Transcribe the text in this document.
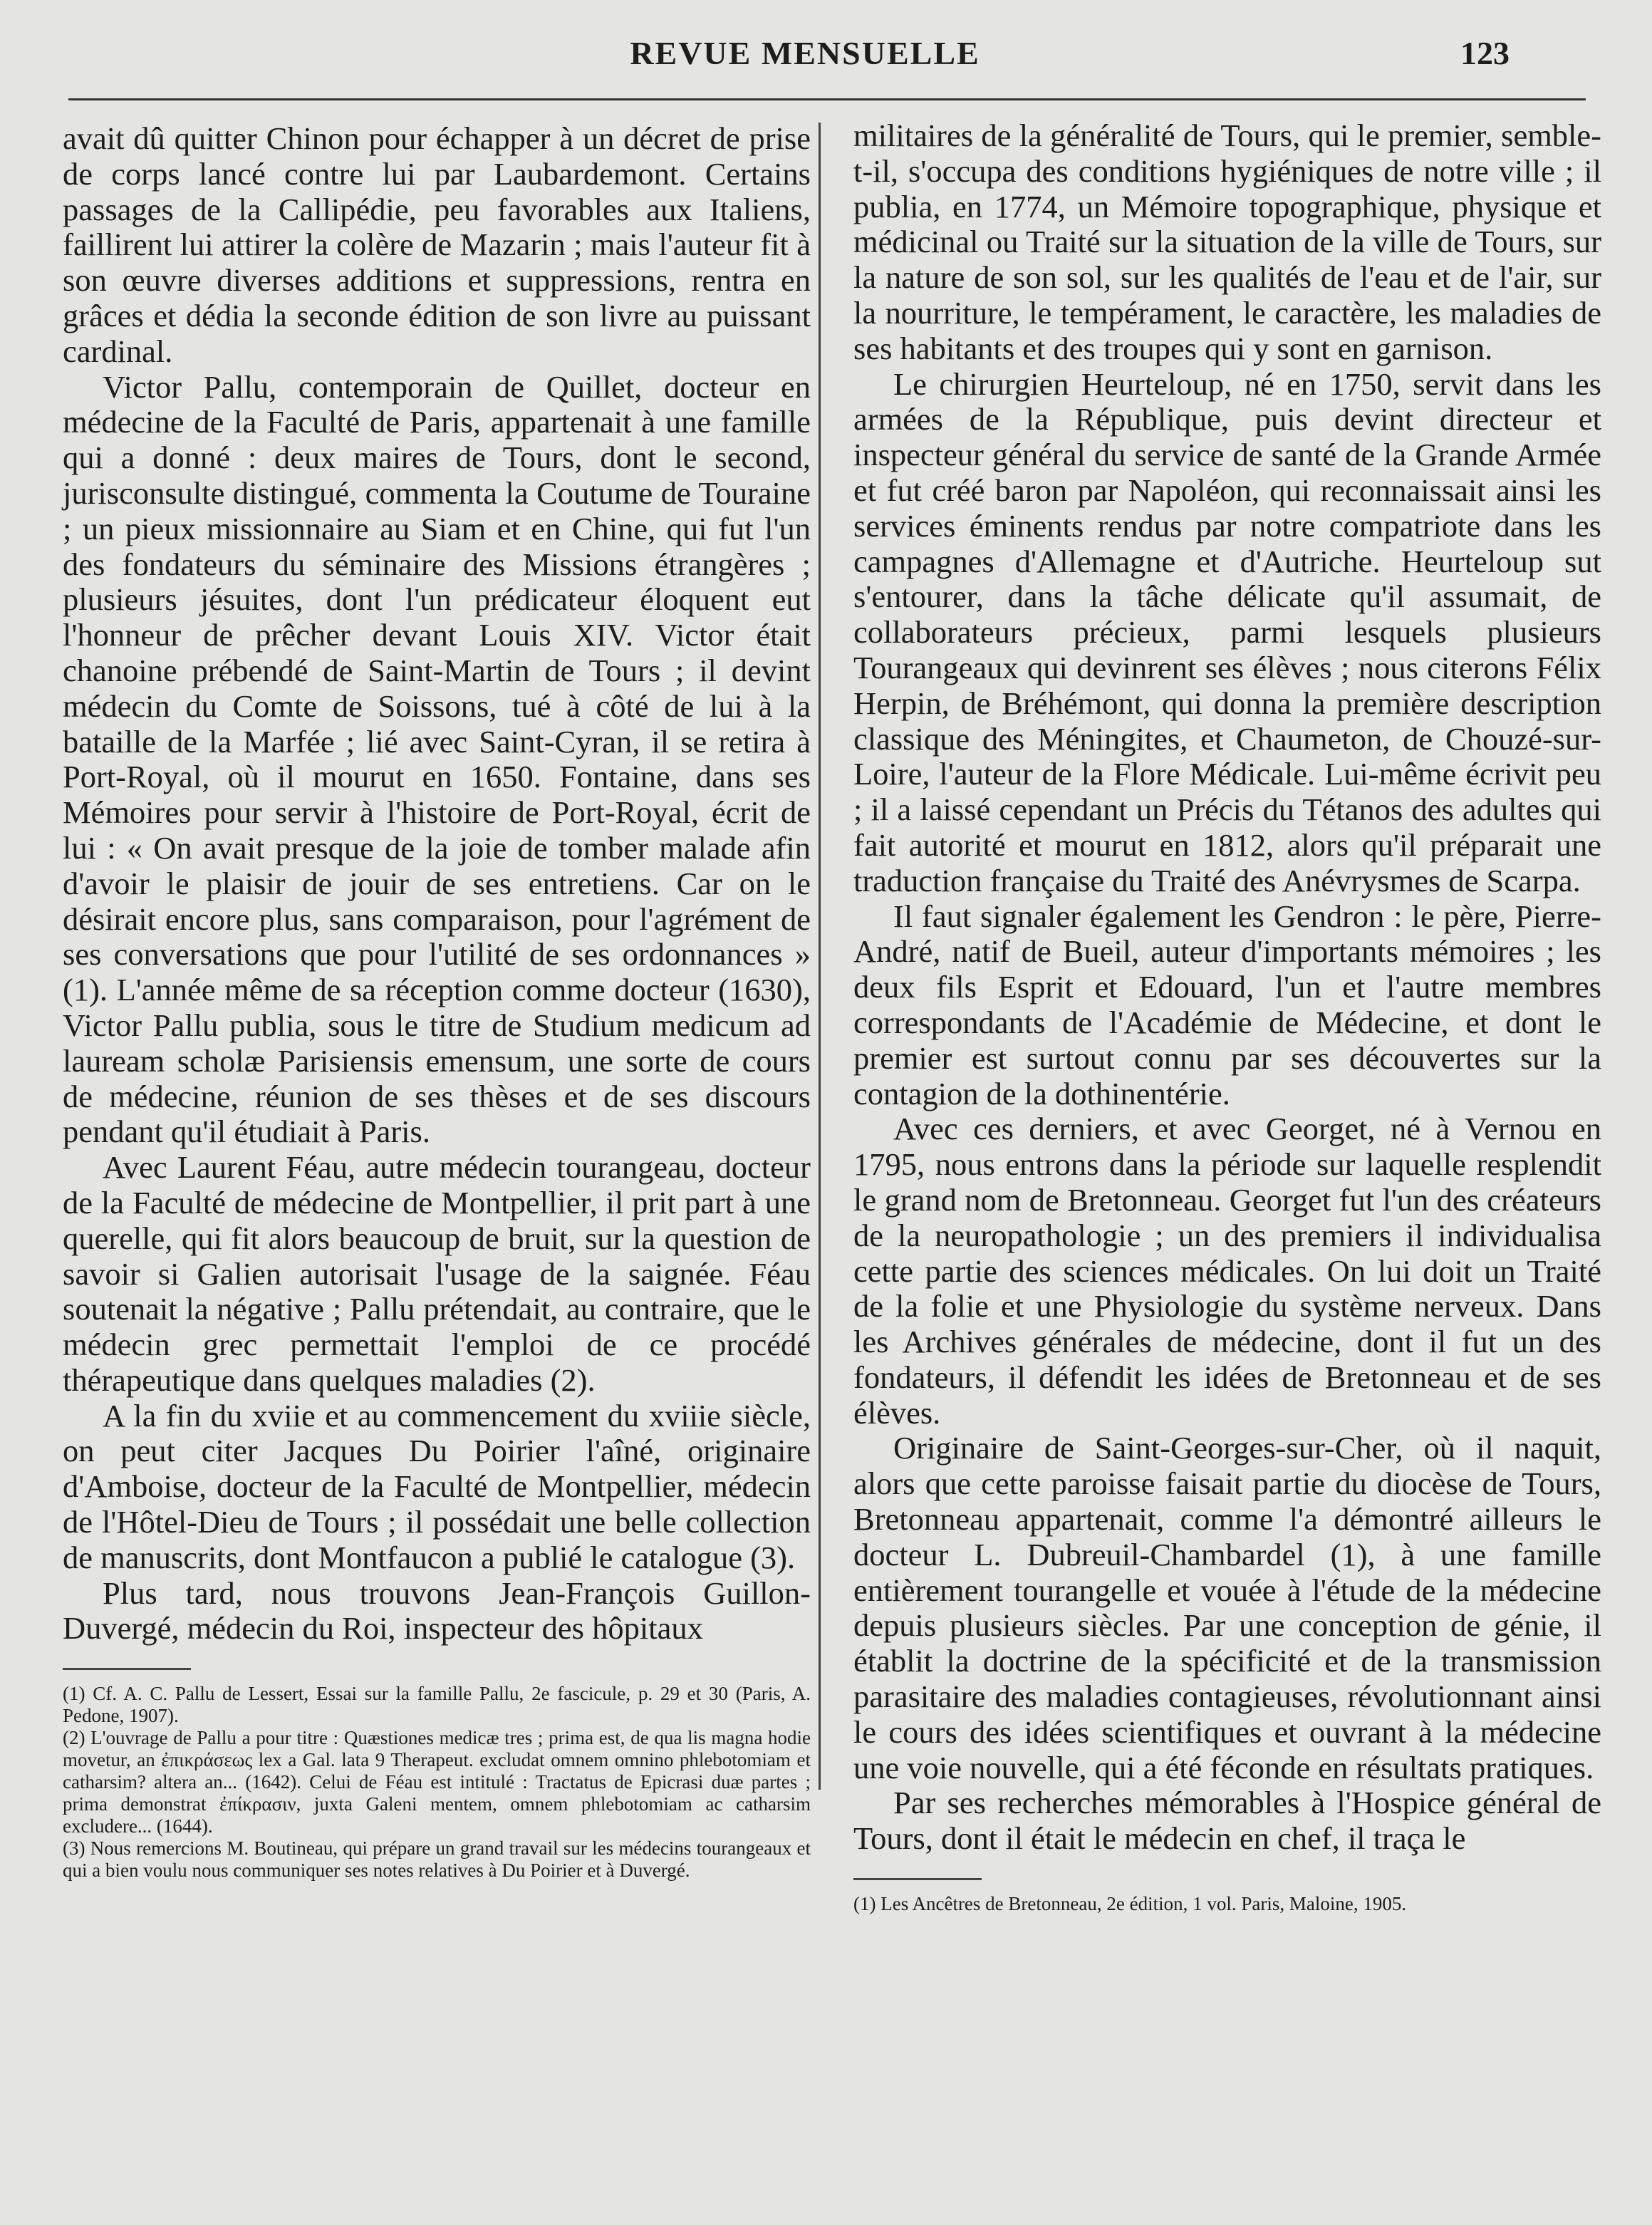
REVUE MENSUELLE	123

avait dû quitter Chinon pour échapper à un décret de prise de corps lancé contre lui par Laubardemont. Certains passages de la Callipédie, peu favorables aux Italiens, faillirent lui attirer la colère de Mazarin ; mais l'auteur fit à son œuvre diverses additions et suppressions, rentra en grâces et dédia la seconde édition de son livre au puissant cardinal.

Victor Pallu, contemporain de Quillet, docteur en médecine de la Faculté de Paris, appartenait à une famille qui a donné : deux maires de Tours, dont le second, jurisconsulte distingué, commenta la Coutume de Touraine ; un pieux missionnaire au Siam et en Chine, qui fut l'un des fondateurs du séminaire des Missions étrangères ; plusieurs jésuites, dont l'un prédicateur éloquent eut l'honneur de prêcher devant Louis XIV. Victor était chanoine prébendé de Saint-Martin de Tours ; il devint médecin du Comte de Soissons, tué à côté de lui à la bataille de la Marfée ; lié avec Saint-Cyran, il se retira à Port-Royal, où il mourut en 1650. Fontaine, dans ses Mémoires pour servir à l'histoire de Port-Royal, écrit de lui : « On avait presque de la joie de tomber malade afin d'avoir le plaisir de jouir de ses entretiens. Car on le désirait encore plus, sans comparaison, pour l'agrément de ses conversations que pour l'utilité de ses ordonnances » (1). L'année même de sa réception comme docteur (1630), Victor Pallu publia, sous le titre de Studium medicum ad lauream scholæ Parisiensis emensum, une sorte de cours de médecine, réunion de ses thèses et de ses discours pendant qu'il étudiait à Paris.

Avec Laurent Féau, autre médecin tourangeau, docteur de la Faculté de médecine de Montpellier, il prit part à une querelle, qui fit alors beaucoup de bruit, sur la question de savoir si Galien autorisait l'usage de la saignée. Féau soutenait la négative ; Pallu prétendait, au contraire, que le médecin grec permettait l'emploi de ce procédé thérapeutique dans quelques maladies (2).

A la fin du xviie et au commencement du xviiie siècle, on peut citer Jacques Du Poirier l'aîné, originaire d'Amboise, docteur de la Faculté de Montpellier, médecin de l'Hôtel-Dieu de Tours ; il possédait une belle collection de manuscrits, dont Montfaucon a publié le catalogue (3).

Plus tard, nous trouvons Jean-François Guillon-Duvergé, médecin du Roi, inspecteur des hôpitaux

(1) Cf. A. C. Pallu de Lessert, Essai sur la famille Pallu, 2e fascicule, p. 29 et 30 (Paris, A. Pedone, 1907).

(2) L'ouvrage de Pallu a pour titre : Quæstiones medicæ tres ; prima est, de qua lis magna hodie movetur, an ἐπικράσεως lex a Gal. lata 9 Therapeut. excludat omnem omnino phlebotomiam et catharsim? altera an... (1642). Celui de Féau est intitulé : Tractatus de Epicrasi duæ partes ; prima demonstrat ἐπίκρασιν, juxta Galeni mentem, omnem phlebotomiam ac catharsim excludere... (1644).

(3) Nous remercions M. Boutineau, qui prépare un grand travail sur les médecins tourangeaux et qui a bien voulu nous communiquer ses notes relatives à Du Poirier et à Duvergé.

militaires de la généralité de Tours, qui le premier, semble-t-il, s'occupa des conditions hygiéniques de notre ville ; il publia, en 1774, un Mémoire topographique, physique et médicinal ou Traité sur la situation de la ville de Tours, sur la nature de son sol, sur les qualités de l'eau et de l'air, sur la nourriture, le tempérament, le caractère, les maladies de ses habitants et des troupes qui y sont en garnison.

Le chirurgien Heurteloup, né en 1750, servit dans les armées de la République, puis devint directeur et inspecteur général du service de santé de la Grande Armée et fut créé baron par Napoléon, qui reconnaissait ainsi les services éminents rendus par notre compatriote dans les campagnes d'Allemagne et d'Autriche. Heurteloup sut s'entourer, dans la tâche délicate qu'il assumait, de collaborateurs précieux, parmi lesquels plusieurs Tourangeaux qui devinrent ses élèves ; nous citerons Félix Herpin, de Bréhémont, qui donna la première description classique des Méningites, et Chaumeton, de Chouzé-sur-Loire, l'auteur de la Flore Médicale. Lui-même écrivit peu ; il a laissé cependant un Précis du Tétanos des adultes qui fait autorité et mourut en 1812, alors qu'il préparait une traduction française du Traité des Anévrysmes de Scarpa.

Il faut signaler également les Gendron : le père, Pierre-André, natif de Bueil, auteur d'importants mémoires ; les deux fils Esprit et Edouard, l'un et l'autre membres correspondants de l'Académie de Médecine, et dont le premier est surtout connu par ses découvertes sur la contagion de la dothinentérie.

Avec ces derniers, et avec Georget, né à Vernou en 1795, nous entrons dans la période sur laquelle resplendit le grand nom de Bretonneau. Georget fut l'un des créateurs de la neuropathologie ; un des premiers il individualisa cette partie des sciences médicales. On lui doit un Traité de la folie et une Physiologie du système nerveux. Dans les Archives générales de médecine, dont il fut un des fondateurs, il défendit les idées de Bretonneau et de ses élèves.

Originaire de Saint-Georges-sur-Cher, où il naquit, alors que cette paroisse faisait partie du diocèse de Tours, Bretonneau appartenait, comme l'a démontré ailleurs le docteur L. Dubreuil-Chambardel (1), à une famille entièrement tourangelle et vouée à l'étude de la médecine depuis plusieurs siècles. Par une conception de génie, il établit la doctrine de la spécificité et de la transmission parasitaire des maladies contagieuses, révolutionnant ainsi le cours des idées scientifiques et ouvrant à la médecine une voie nouvelle, qui a été féconde en résultats pratiques.

Par ses recherches mémorables à l'Hospice général de Tours, dont il était le médecin en chef, il traça le

(1) Les Ancêtres de Bretonneau, 2e édition, 1 vol. Paris, Maloine, 1905.
